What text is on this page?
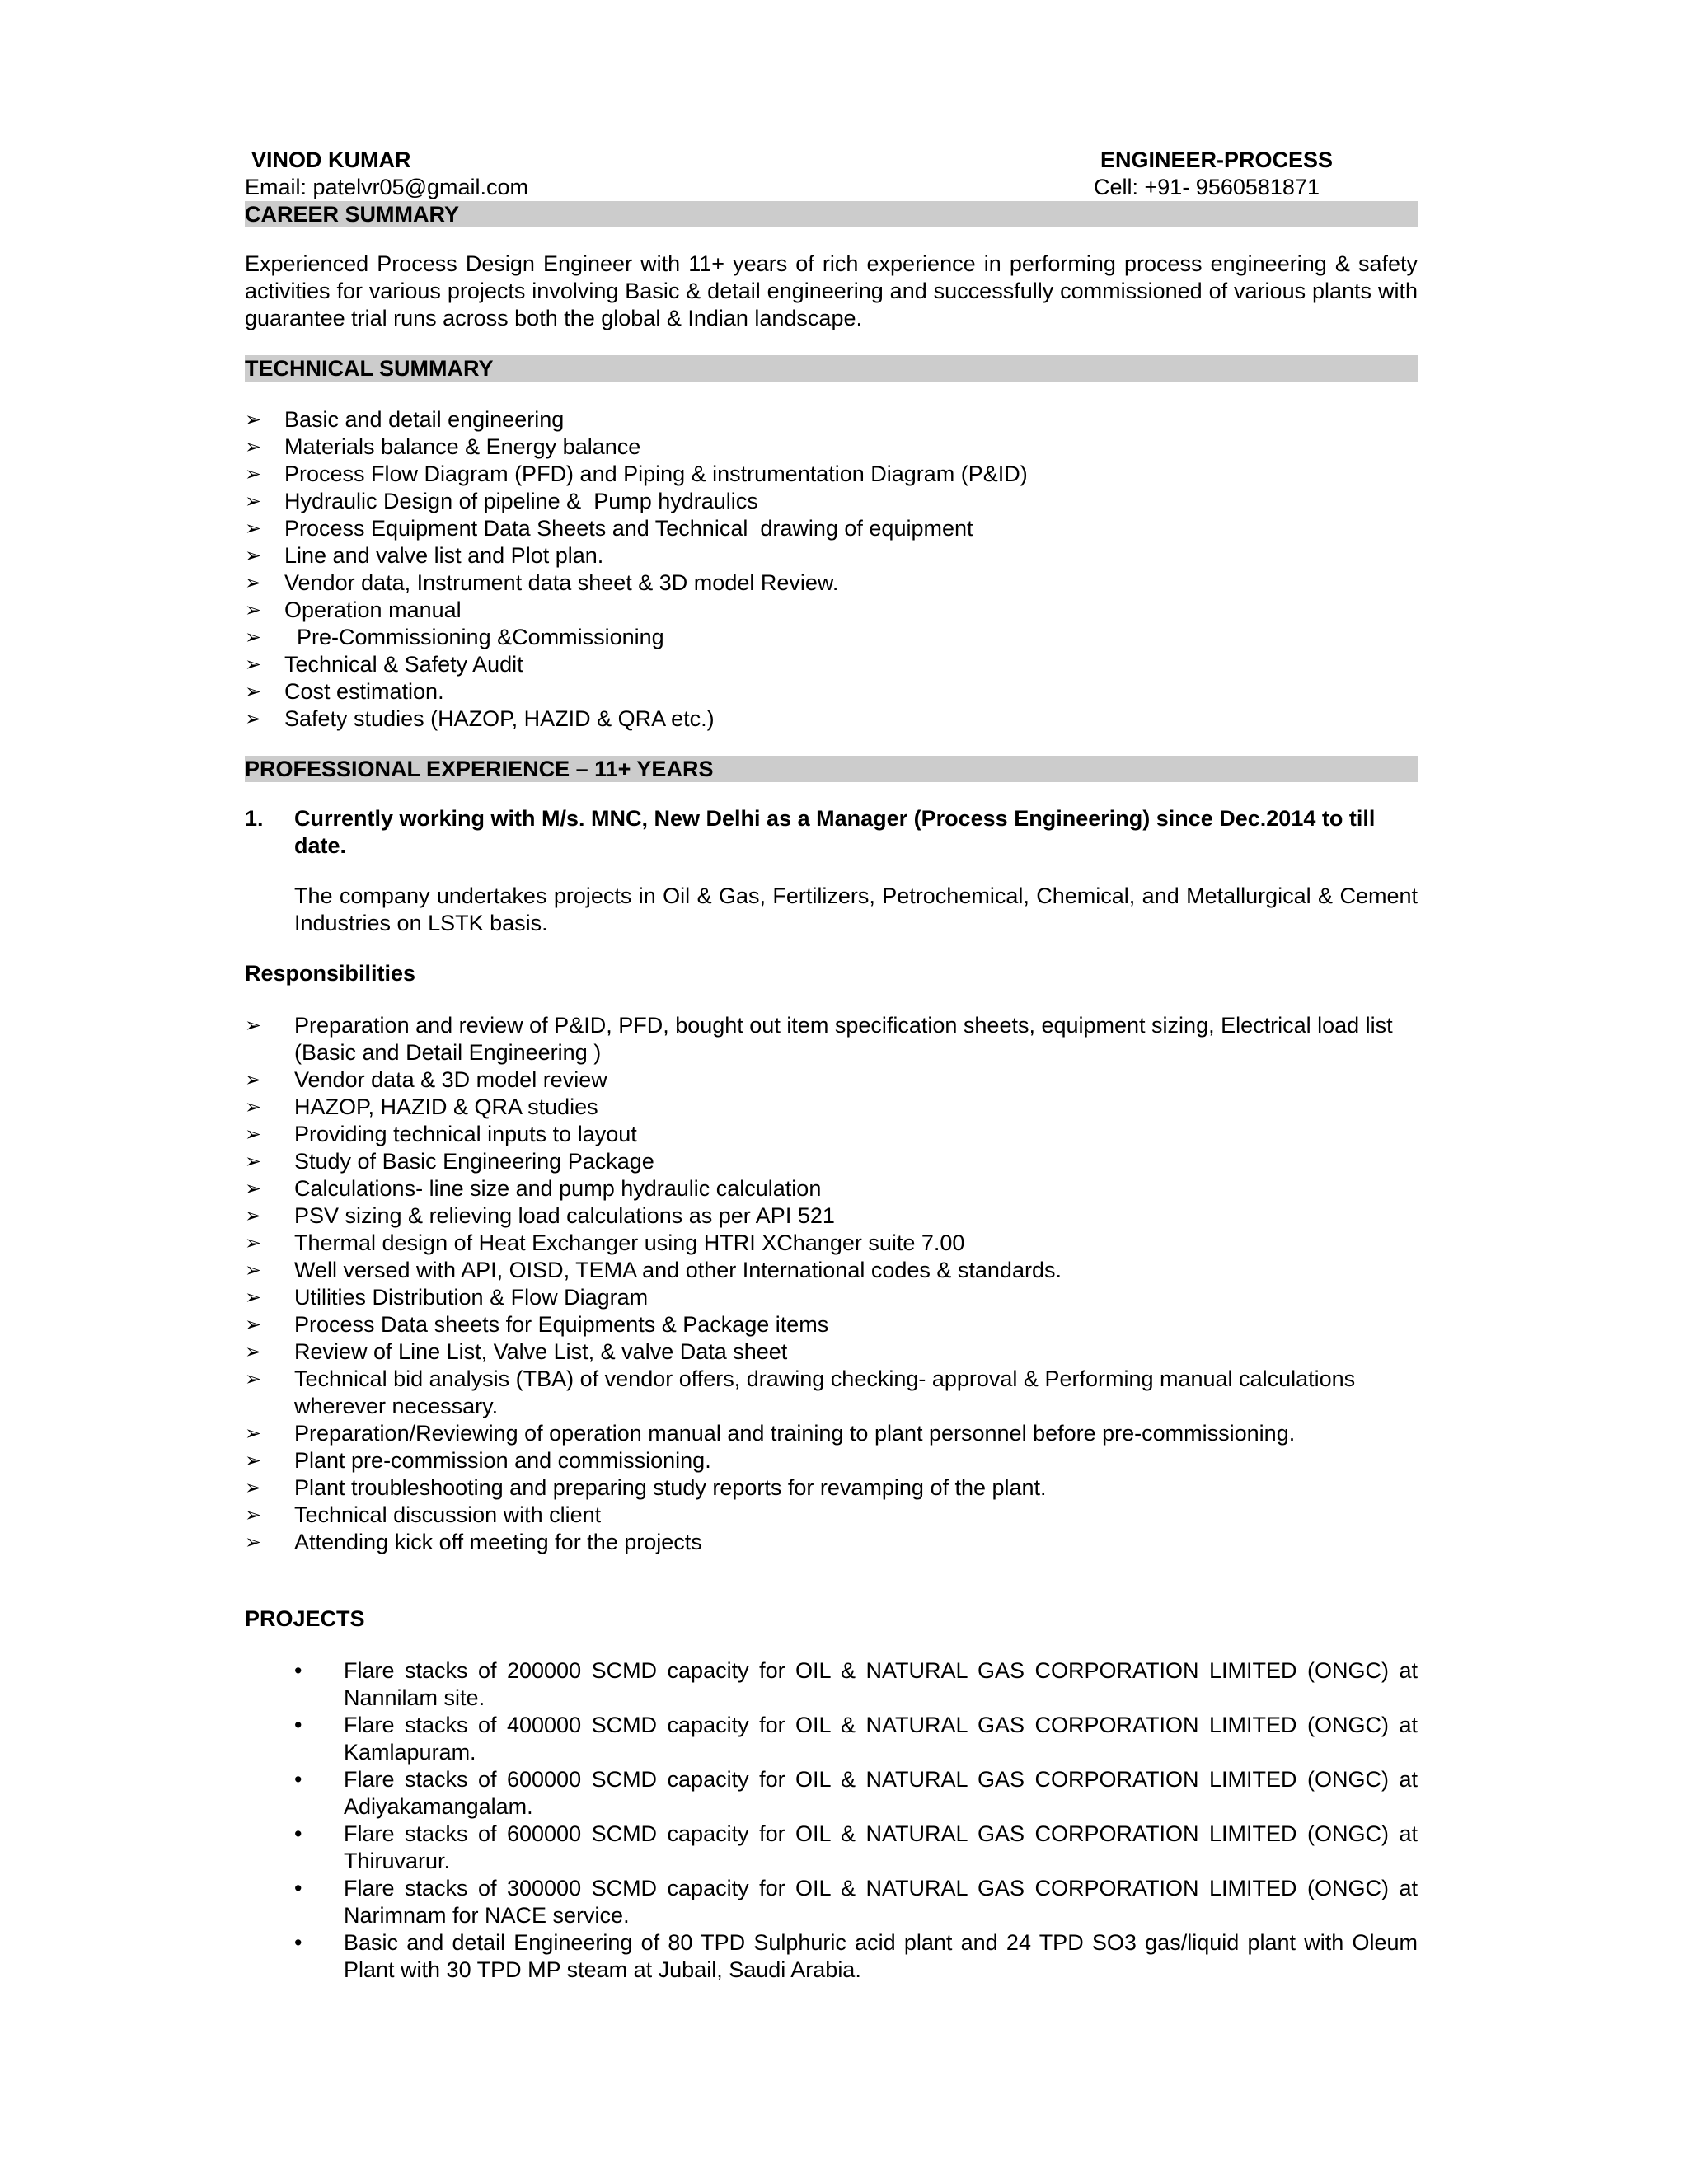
VINOD KUMAR	ENGINEER-PROCESS
Email: patelvr05@gmail.com	Cell: +91- 9560581871
CAREER SUMMARY
Experienced Process Design Engineer with 11+ years of rich experience in performing process engineering & safety activities for various projects involving Basic & detail engineering and successfully commissioned of various plants with guarantee trial runs across both the global & Indian landscape.
TECHNICAL SUMMARY
➢ Basic and detail engineering
➢ Materials balance & Energy balance
➢ Process Flow Diagram (PFD) and Piping & instrumentation Diagram (P&ID)
➢ Hydraulic Design of pipeline &  Pump hydraulics
➢ Process Equipment Data Sheets and Technical  drawing of equipment
➢ Line and valve list and Plot plan.
➢ Vendor data, Instrument data sheet & 3D model Review.
➢ Operation manual
➢ Pre-Commissioning &Commissioning
➢ Technical & Safety Audit
➢ Cost estimation.
➢ Safety studies (HAZOP, HAZID & QRA etc.)
PROFESSIONAL EXPERIENCE – 11+ YEARS
1.	Currently working with M/s. MNC, New Delhi as a Manager (Process Engineering) since Dec.2014 to till date.
The company undertakes projects in Oil & Gas, Fertilizers, Petrochemical, Chemical, and Metallurgical & Cement Industries on LSTK basis.
Responsibilities
➢ Preparation and review of P&ID, PFD, bought out item specification sheets, equipment sizing, Electrical load list (Basic and Detail Engineering )
➢ Vendor data & 3D model review
➢ HAZOP, HAZID & QRA studies
➢ Providing technical inputs to layout
➢ Study of Basic Engineering Package
➢ Calculations- line size and pump hydraulic calculation
➢ PSV sizing & relieving load calculations as per API 521
➢ Thermal design of Heat Exchanger using HTRI XChanger suite 7.00
➢ Well versed with API, OISD, TEMA and other International codes & standards.
➢ Utilities Distribution & Flow Diagram
➢ Process Data sheets for Equipments & Package items
➢ Review of Line List, Valve List, & valve Data sheet
➢ Technical bid analysis (TBA) of vendor offers, drawing checking- approval & Performing manual calculations wherever necessary.
➢ Preparation/Reviewing of operation manual and training to plant personnel before pre-commissioning.
➢ Plant pre-commission and commissioning.
➢ Plant troubleshooting and preparing study reports for revamping of the plant.
➢ Technical discussion with client
➢ Attending kick off meeting for the projects
PROJECTS
• Flare stacks of 200000 SCMD capacity for OIL & NATURAL GAS CORPORATION LIMITED (ONGC) at Nannilam site.
• Flare stacks of 400000 SCMD capacity for OIL & NATURAL GAS CORPORATION LIMITED (ONGC) at Kamlapuram.
• Flare stacks of 600000 SCMD capacity for OIL & NATURAL GAS CORPORATION LIMITED (ONGC) at Adiyakamangalam.
• Flare stacks of 600000 SCMD capacity for OIL & NATURAL GAS CORPORATION LIMITED (ONGC) at Thiruvarur.
• Flare stacks of 300000 SCMD capacity for OIL & NATURAL GAS CORPORATION LIMITED (ONGC) at Narimnam for NACE service.
• Basic and detail Engineering of 80 TPD Sulphuric acid plant and 24 TPD SO3 gas/liquid plant with Oleum Plant with 30 TPD MP steam at Jubail, Saudi Arabia.
